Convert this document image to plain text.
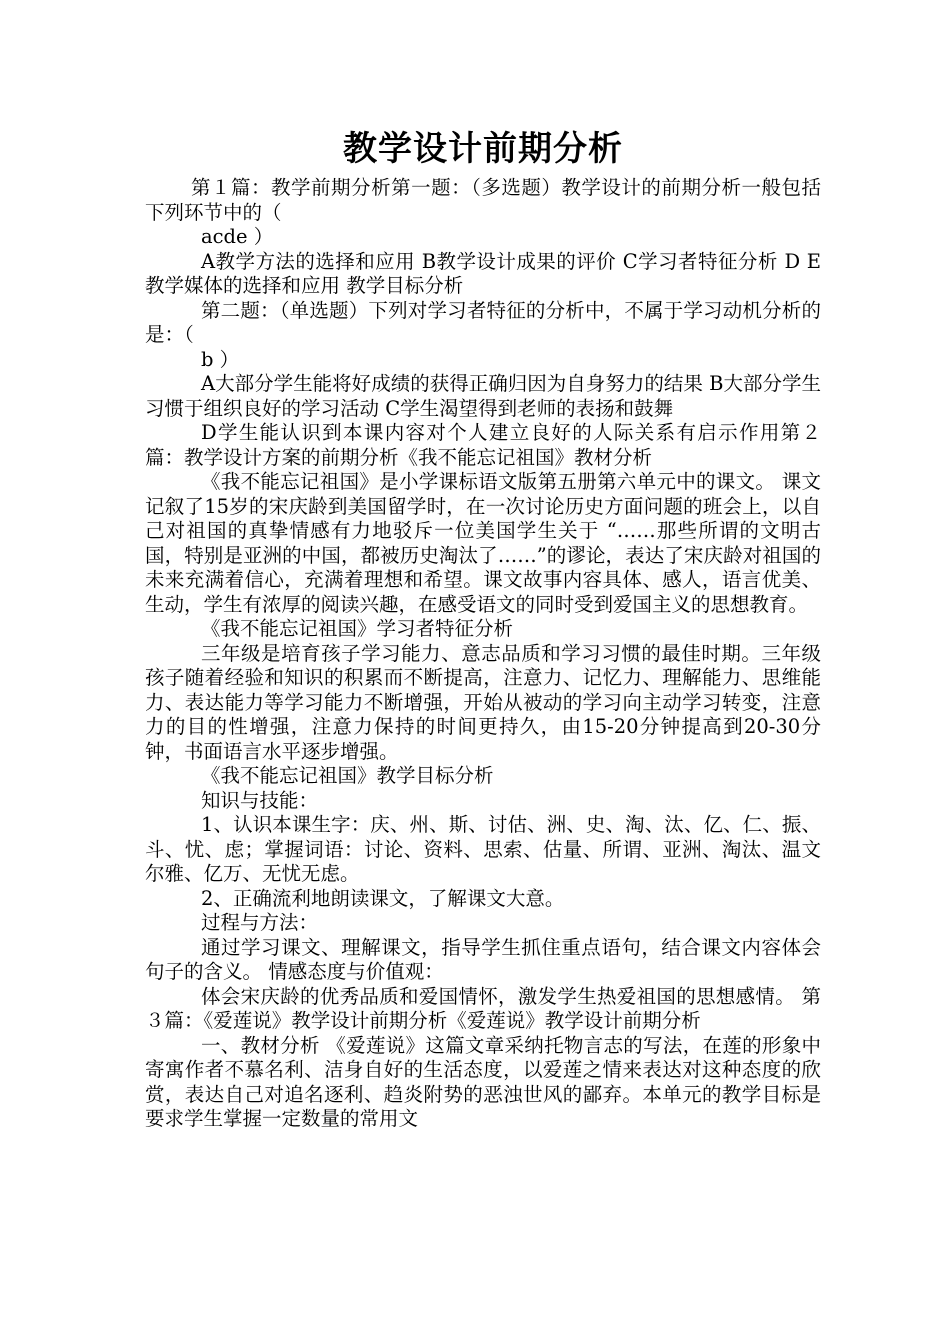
教学设计前期分析

第１篇：教学前期分析第一题：（多选题）教学设计的前期分析一般包括下列环节中的（

acde ）

A教学方法的选择和应用 B教学设计成果的评价 C学习者特征分析 D E教学媒体的选择和应用 教学目标分析

第二题：（单选题）下列对学习者特征的分析中，不属于学习动机分析的是：（

b ）

A大部分学生能将好成绩的获得正确归因为自身努力的结果 B大部分学生习惯于组织良好的学习活动 C学生渴望得到老师的表扬和鼓舞

D学生能认识到本课内容对个人建立良好的人际关系有启示作用第２篇：教学设计方案的前期分析《我不能忘记祖国》教材分析

《我不能忘记祖国》是小学课标语文版第五册第六单元中的课文。 课文记叙了15岁的宋庆龄到美国留学时，在一次讨论历史方面问题的班会上，以自己对祖国的真挚情感有力地驳斥一位美国学生关于 “……那些所谓的文明古国，特别是亚洲的中国，都被历史淘汰了……”的谬论，表达了宋庆龄对祖国的未来充满着信心，充满着理想和希望。课文故事内容具体、感人，语言优美、生动，学生有浓厚的阅读兴趣，在感受语文的同时受到爱国主义的思想教育。

《我不能忘记祖国》学习者特征分析

三年级是培育孩子学习能力、意志品质和学习习惯的最佳时期。三年级孩子随着经验和知识的积累而不断提高，注意力、记忆力、理解能力、思维能力、表达能力等学习能力不断增强，开始从被动的学习向主动学习转变，注意力的目的性增强，注意力保持的时间更持久，由15-20分钟提高到20-30分钟，书面语言水平逐步增强。

《我不能忘记祖国》教学目标分析

知识与技能：

1、认识本课生字：庆、州、斯、讨估、洲、史、淘、汰、亿、仁、振、斗、忧、虑；掌握词语：讨论、资料、思索、估量、所谓、亚洲、淘汰、温文尔雅、亿万、无忧无虑。

2、正确流利地朗读课文，了解课文大意。

过程与方法：

通过学习课文、理解课文，指导学生抓住重点语句，结合课文内容体会句子的含义。 情感态度与价值观：

体会宋庆龄的优秀品质和爱国情怀，激发学生热爱祖国的思想感情。 第３篇：《爱莲说》教学设计前期分析《爱莲说》教学设计前期分析

一、教材分析 《爱莲说》这篇文章采纳托物言志的写法，在莲的形象中寄寓作者不慕名利、洁身自好的生活态度，以爱莲之情来表达对这种态度的欣赏，表达自己对追名逐利、趋炎附势的恶浊世风的鄙弃。本单元的教学目标是要求学生掌握一定数量的常用文
